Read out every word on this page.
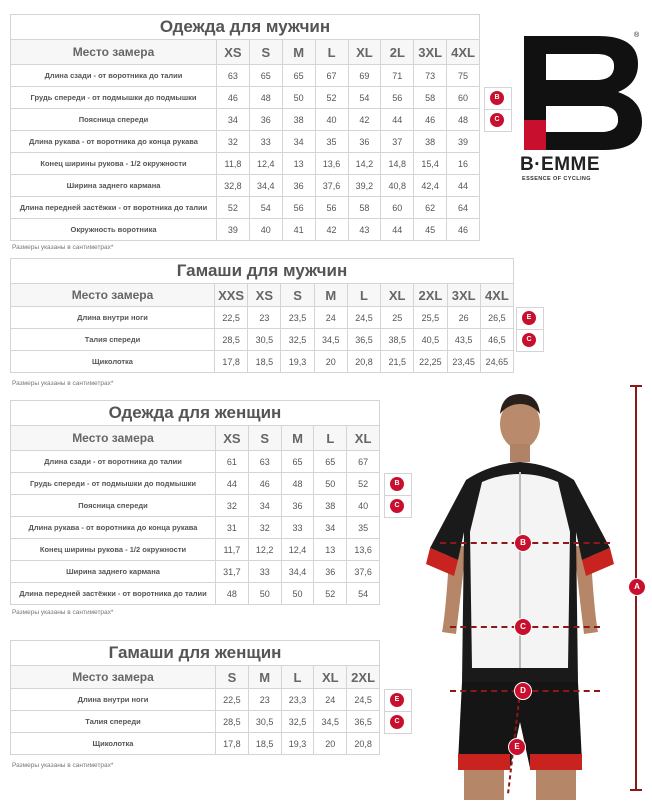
Одежда для мужчин								
Место замера	XS	S	M	L	XL	2L	3XL	4XL
Длина сзади - от воротника до талии	63	65	65	67	69	71	73	75
Грудь спереди - от подмышки до подмышки	46	48	50	52	54	56	58	60
Поясница спереди	34	36	38	40	42	44	46	48
Длина рукава - от воротника до конца рукава	32	33	34	35	36	37	38	39
Конец ширины рукова - 1/2 окружности	11,8	12,4	13	13,6	14,2	14,8	15,4	16
Ширина заднего кармана	32,8	34,4	36	37,6	39,2	40,8	42,4	44
Длина передней застёжки - от воротника до талии	52	54	56	56	58	60	62	64
Окружность воротника	39	40	41	42	43	44	45	46
Размеры указаны в сантиметрах*
Гамаши для мужчин									
Место замера	XXS	XS	S	M	L	XL	2XL	3XL	4XL
Длина внутри ноги	22,5	23	23,5	24	24,5	25	25,5	26	26,5
Талия спереди	28,5	30,5	32,5	34,5	36,5	38,5	40,5	43,5	46,5
Щиколотка	17,8	18,5	19,3	20	20,8	21,5	22,25	23,45	24,65
Размеры указаны в сантиметрах*
Одежда для женщин					
Место замера	XS	S	M	L	XL
Длина сзади - от воротника до талии	61	63	65	65	67
Грудь спереди - от подмышки до подмышки	44	46	48	50	52
Поясница спереди	32	34	36	38	40
Длина рукава - от воротника до конца рукава	31	32	33	34	35
Конец ширины рукова - 1/2 окружности	11,7	12,2	12,4	13	13,6
Ширина заднего кармана	31,7	33	34,4	36	37,6
Длина передней застёжки - от воротника до талии	48	50	50	52	54
Размеры указаны в сантиметрах*
Гамаши для женщин					
Место замера	S	M	L	XL	2XL
Длина внутри ноги	22,5	23	23,3	24	24,5
Талия спереди	28,5	30,5	32,5	34,5	36,5
Щиколотка	17,8	18,5	19,3	20	20,8
Размеры указаны в сантиметрах*
B
C
E
C
B
C
E
C
®
B·EMME
ESSENCE OF CYCLING
A
B
C
D
E
